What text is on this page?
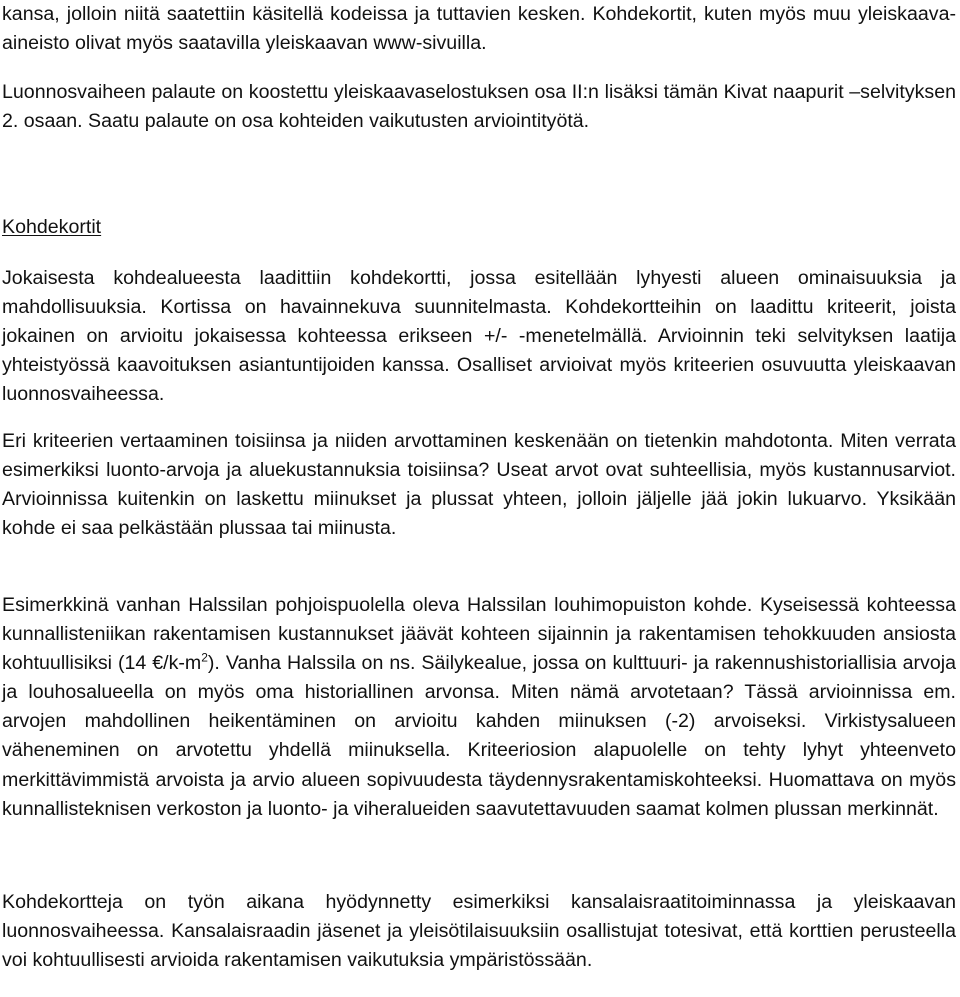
kansa, jolloin niitä saatettiin käsitellä kodeissa ja tuttavien kesken. Kohdekortit, kuten myös muu yleiskaava-aineisto olivat myös saatavilla yleiskaavan www-sivuilla.

Luonnosvaiheen palaute on koostettu yleiskaavaselostuksen osa II:n lisäksi tämän Kivat naapurit –selvityksen 2. osaan. Saatu palaute on osa kohteiden vaikutusten arviointityötä.

Kohdekortit

Jokaisesta kohdealueesta laadittiin kohdekortti, jossa esitellään lyhyesti alueen ominaisuuksia ja mahdollisuuksia. Kortissa on havainnekuva suunnitelmasta. Kohdekortteihin on laadittu kriteerit, joista jokainen on arvioitu jokaisessa kohteessa erikseen +/- -menetelmällä. Arvioinnin teki selvityksen laatija yhteistyössä kaavoituksen asiantuntijoiden kanssa. Osalliset arvioivat myös kriteerien osuvuutta yleiskaavan luonnosvaiheessa.

Eri kriteerien vertaaminen toisiinsa ja niiden arvottaminen keskenään on tietenkin mahdotonta. Miten verrata esimerkiksi luonto-arvoja ja aluekustannuksia toisiinsa? Useat arvot ovat suhteellisia, myös kustannusarviot. Arvioinnissa kuitenkin on laskettu miinukset ja plussat yhteen, jolloin jäljelle jää jokin lukuarvo. Yksikään kohde ei saa pelkästään plussaa tai miinusta.

Esimerkkinä vanhan Halssilan pohjoispuolella oleva Halssilan louhimopuiston kohde. Kyseisessä kohteessa kunnallisteniikan rakentamisen kustannukset jäävät kohteen sijainnin ja rakentamisen tehokkuuden ansiosta kohtuullisiksi (14 $€/k-m^2$). Vanha Halssila on ns. Säilykealue, jossa on kulttuuri- ja rakennushistoriallisia arvoja ja louhosalueella on myös oma historiallinen arvonsa. Miten nämä arvotetaan? Tässä arvioinnissa em. arvojen mahdollinen heikentäminen on arvioitu kahden miinuksen (-2) arvoiseksi. Virkistysalueen väheneminen on arvotettu yhdellä miinuksella. Kriteeriosion alapuolelle on tehty lyhyt yhteenveto merkittävimmistä arvoista ja arvio alueen sopivuudesta täydennysrakentamiskohteeksi. Huomattava on myös kunnallisteknisen verkoston ja luonto- ja viheralueiden saavutettavuuden saamat kolmen plussan merkinnät.

Kohdekortteja on työn aikana hyödynnetty esimerkiksi kansalaisraatitoiminnassa ja yleiskaavan luonnosvaiheessa. Kansalaisraadin jäsenet ja yleisötilaisuuksiin osallistujat totesivat, että korttien perusteella voi kohtuullisesti arvioida rakentamisen vaikutuksia ympäristössään.
